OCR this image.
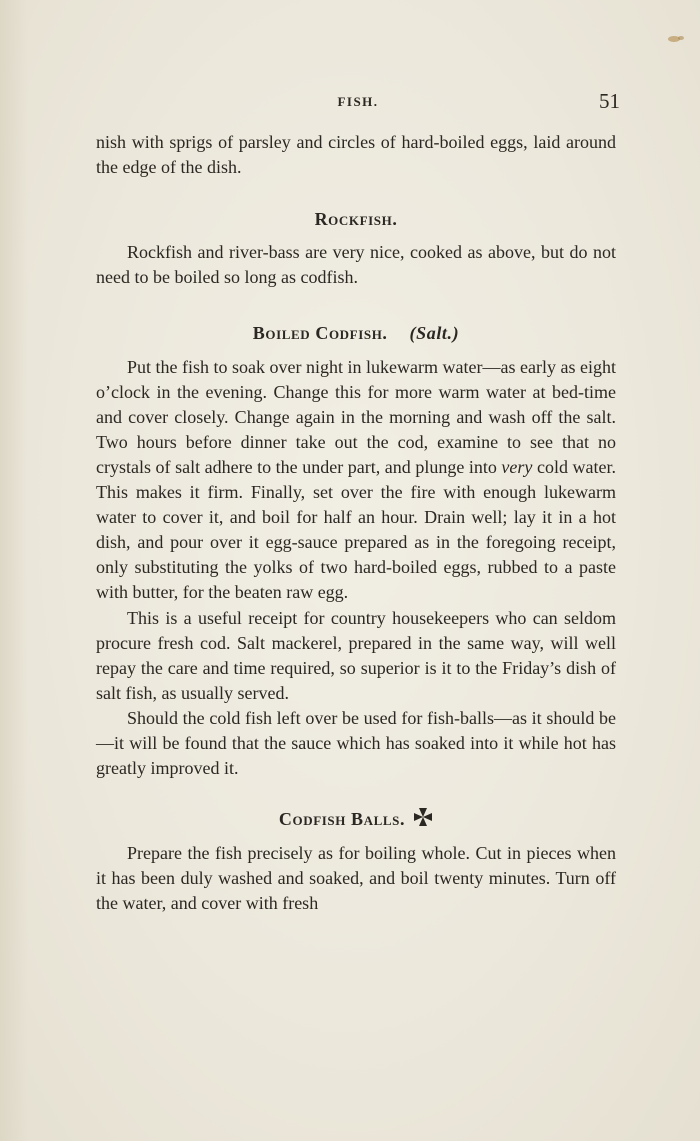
FISH.	51

nish with sprigs of parsley and circles of hard-boiled eggs, laid around the edge of the dish.

Rockfish.

Rockfish and river-bass are very nice, cooked as above, but do not need to be boiled so long as codfish.

Boiled Codfish. (Salt.)

Put the fish to soak over night in lukewarm water—as early as eight o’clock in the evening. Change this for more warm water at bed-time and cover closely. Change again in the morning and wash off the salt. Two hours before dinner take out the cod, examine to see that no crystals of salt adhere to the under part, and plunge into very cold water. This makes it firm. Finally, set over the fire with enough lukewarm water to cover it, and boil for half an hour. Drain well; lay it in a hot dish, and pour over it egg-sauce prepared as in the foregoing receipt, only substituting the yolks of two hard-boiled eggs, rubbed to a paste with butter, for the beaten raw egg.

This is a useful receipt for country housekeepers who can seldom procure fresh cod. Salt mackerel, prepared in the same way, will well repay the care and time required, so superior is it to the Friday’s dish of salt fish, as usually served.

Should the cold fish left over be used for fish-balls—as it should be—it will be found that the sauce which has soaked into it while hot has greatly improved it.

Codfish Balls.

Prepare the fish precisely as for boiling whole. Cut in pieces when it has been duly washed and soaked, and boil twenty minutes. Turn off the water, and cover with fresh
